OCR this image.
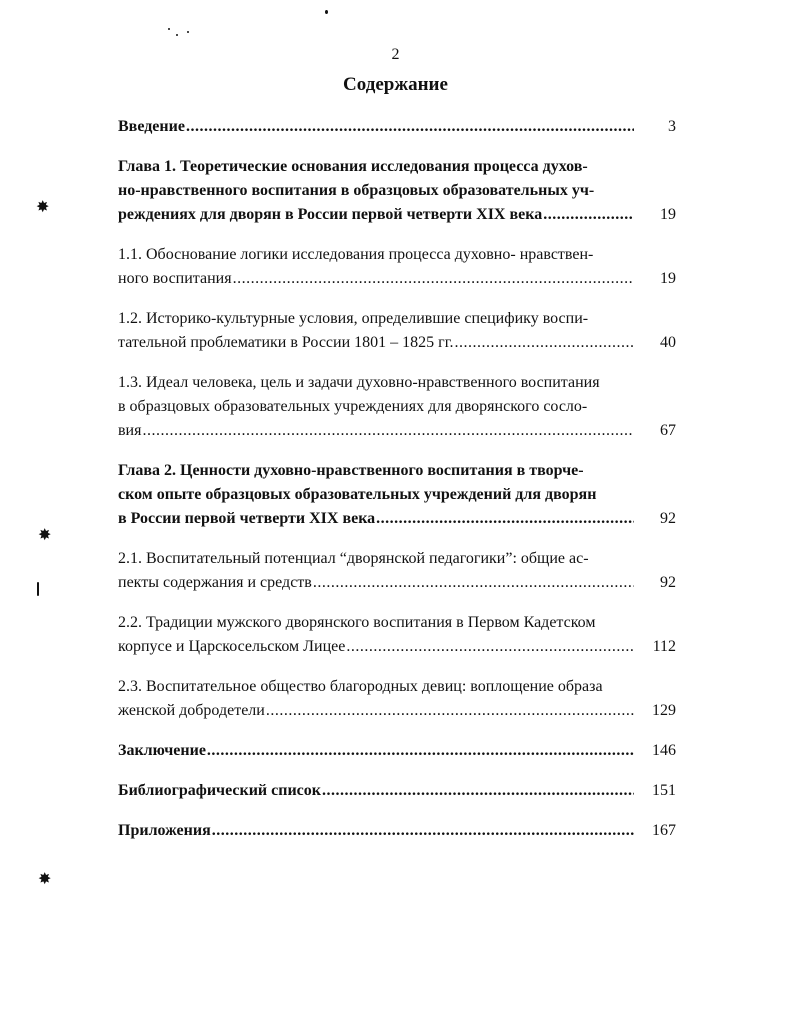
2
Содержание
Введение .....	3
Глава 1. Теоретические основания исследования процесса духов-
но-нравственного воспитания в образцовых образовательных уч-
реждениях для дворян в России первой четверти XIX века .....	19
1.1. Обоснование логики исследования процесса духовно- нравствен-
ного воспитания .....	19
1.2. Историко-культурные условия, определившие специфику воспи-
тательной проблематики в России 1801 – 1825 гг. .....	40
1.3. Идеал человека, цель и задачи духовно-нравственного воспитания
в образцовых образовательных учреждениях для дворянского сосло-
вия .....	67
Глава 2. Ценности духовно-нравственного воспитания в творче-
ском опыте образцовых образовательных учреждений для дворян
в России первой четверти XIX века .....	92
2.1. Воспитательный потенциал “дворянской педагогики”: общие ас-
пекты содержания и средств .....	92
2.2. Традиции мужского дворянского воспитания в Первом Кадетском
корпусе и Царскосельском Лицее .....	112
2.3. Воспитательное общество благородных девиц: воплощение образа
женской добродетели .....	129
Заключение .....	146
Библиографический список .....	151
Приложения .....	167
✸
✸
✸
